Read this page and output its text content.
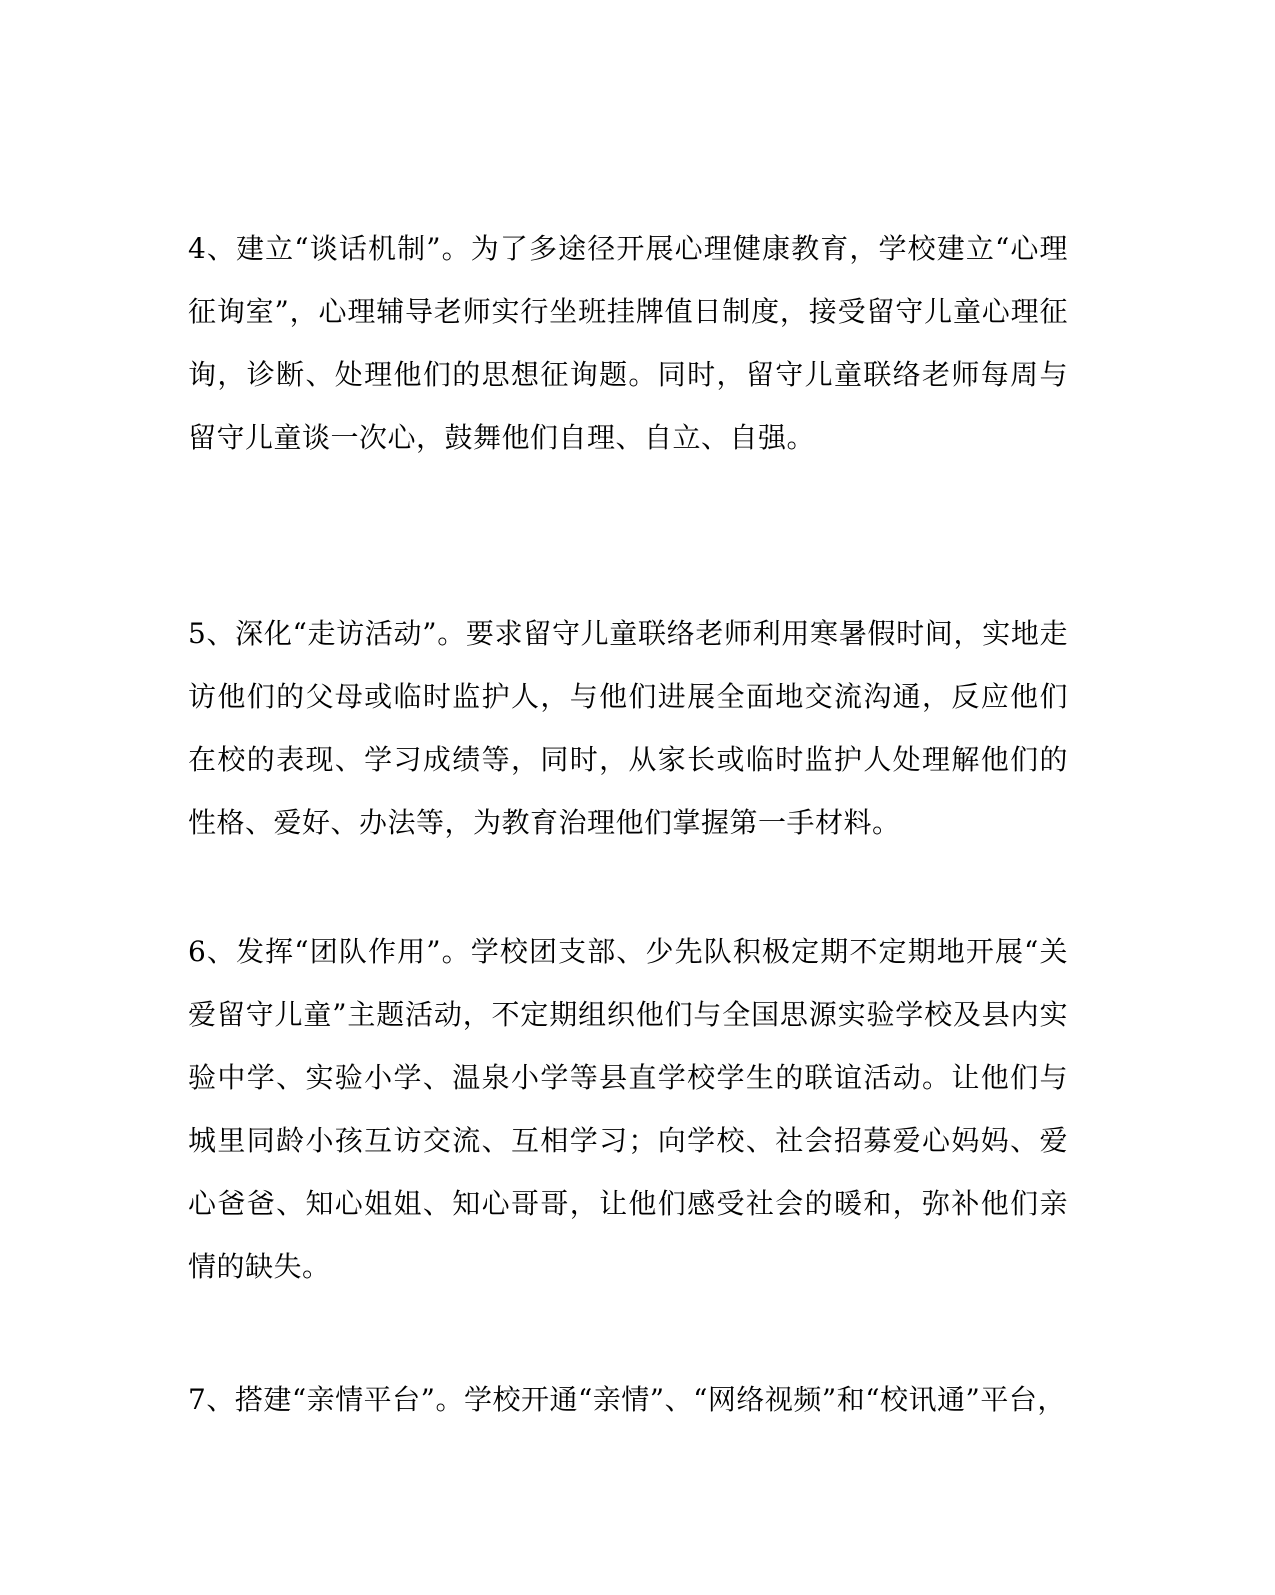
4、建立“谈话机制”。为了多途径开展心理健康教育，学校建立“心理征询室”，心理辅导老师实行坐班挂牌值日制度，接受留守儿童心理征询，诊断、处理他们的思想征询题。同时，留守儿童联络老师每周与留守儿童谈一次心，鼓舞他们自理、自立、自强。

5、深化“走访活动”。要求留守儿童联络老师利用寒暑假时间，实地走访他们的父母或临时监护人，与他们进展全面地交流沟通，反应他们在校的表现、学习成绩等，同时，从家长或临时监护人处理解他们的性格、爱好、办法等，为教育治理他们掌握第一手材料。

6、发挥“团队作用”。学校团支部、少先队积极定期不定期地开展“关爱留守儿童”主题活动，不定期组织他们与全国思源实验学校及县内实验中学、实验小学、温泉小学等县直学校学生的联谊活动。让他们与城里同龄小孩互访交流、互相学习；向学校、社会招募爱心妈妈、爱心爸爸、知心姐姐、知心哥哥，让他们感受社会的暖和，弥补他们亲情的缺失。

7、搭建“亲情平台”。学校开通“亲情”、“网络视频”和“校讯通”平台，
